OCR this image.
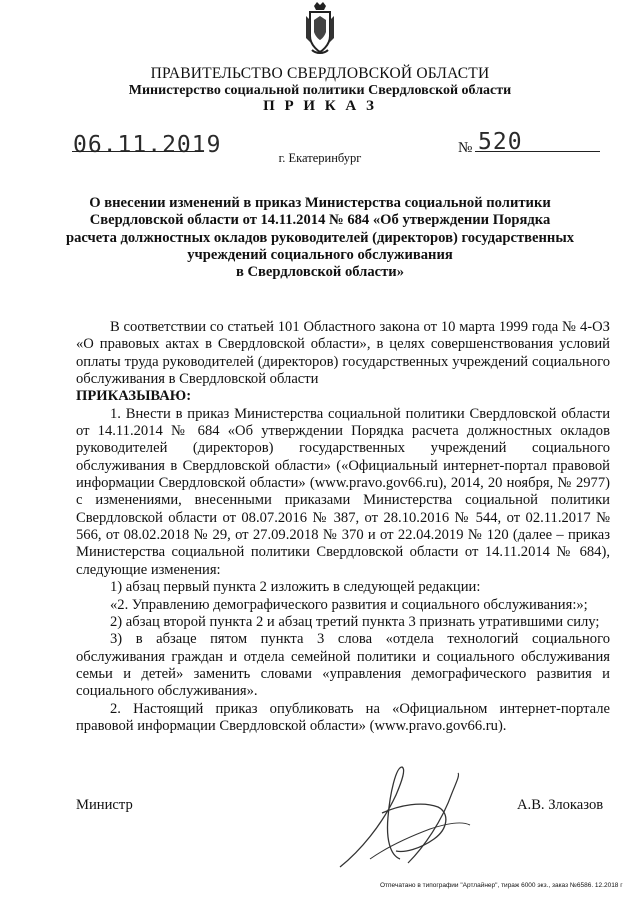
ПРАВИТЕЛЬСТВО СВЕРДЛОВСКОЙ ОБЛАСТИ
Министерство социальной политики Свердловской области
П Р И К А З
06.11.2019	№ 520
г. Екатеринбург
О внесении изменений в приказ Министерства социальной политики
Свердловской области от 14.11.2014 № 684 «Об утверждении Порядка
расчета должностных окладов руководителей (директоров) государственных
учреждений социального обслуживания
в Свердловской области»

В соответствии со статьей 101 Областного закона от 10 марта 1999 года № 4-ОЗ «О правовых актах в Свердловской области», в целях совершенствования условий оплаты труда руководителей (директоров) государственных учреждений социального обслуживания в Свердловской области

ПРИКАЗЫВАЮ:

1. Внести в приказ Министерства социальной политики Свердловской области от 14.11.2014 № 684 «Об утверждении Порядка расчета должностных окладов руководителей (директоров) государственных учреждений социального обслуживания в Свердловской области» («Официальный интернет-портал правовой информации Свердловской области» (www.pravo.gov66.ru), 2014, 20 ноября, № 2977) с изменениями, внесенными приказами Министерства социальной политики Свердловской области от 08.07.2016 № 387, от 28.10.2016 № 544, от 02.11.2017 № 566, от 08.02.2018 № 29, от 27.09.2018 № 370 и от 22.04.2019 № 120 (далее – приказ Министерства социальной политики Свердловской области от 14.11.2014 № 684), следующие изменения:

1) абзац первый пункта 2 изложить в следующей редакции:

«2. Управлению демографического развития и социального обслуживания:»;

2) абзац второй пункта 2 и абзац третий пункта 3 признать утратившими силу;

3) в абзаце пятом пункта 3 слова «отдела технологий социального обслуживания граждан и отдела семейной политики и социального обслуживания семьи и детей» заменить словами «управления демографического развития и социального обслуживания».

2. Настоящий приказ опубликовать на «Официальном интернет-портале правовой информации Свердловской области» (www.pravo.gov66.ru).

Министр	А.В. Злоказов
Отпечатано в типографии "Артлайнер", тираж 6000 экз., заказ №6586. 12.2018 г
